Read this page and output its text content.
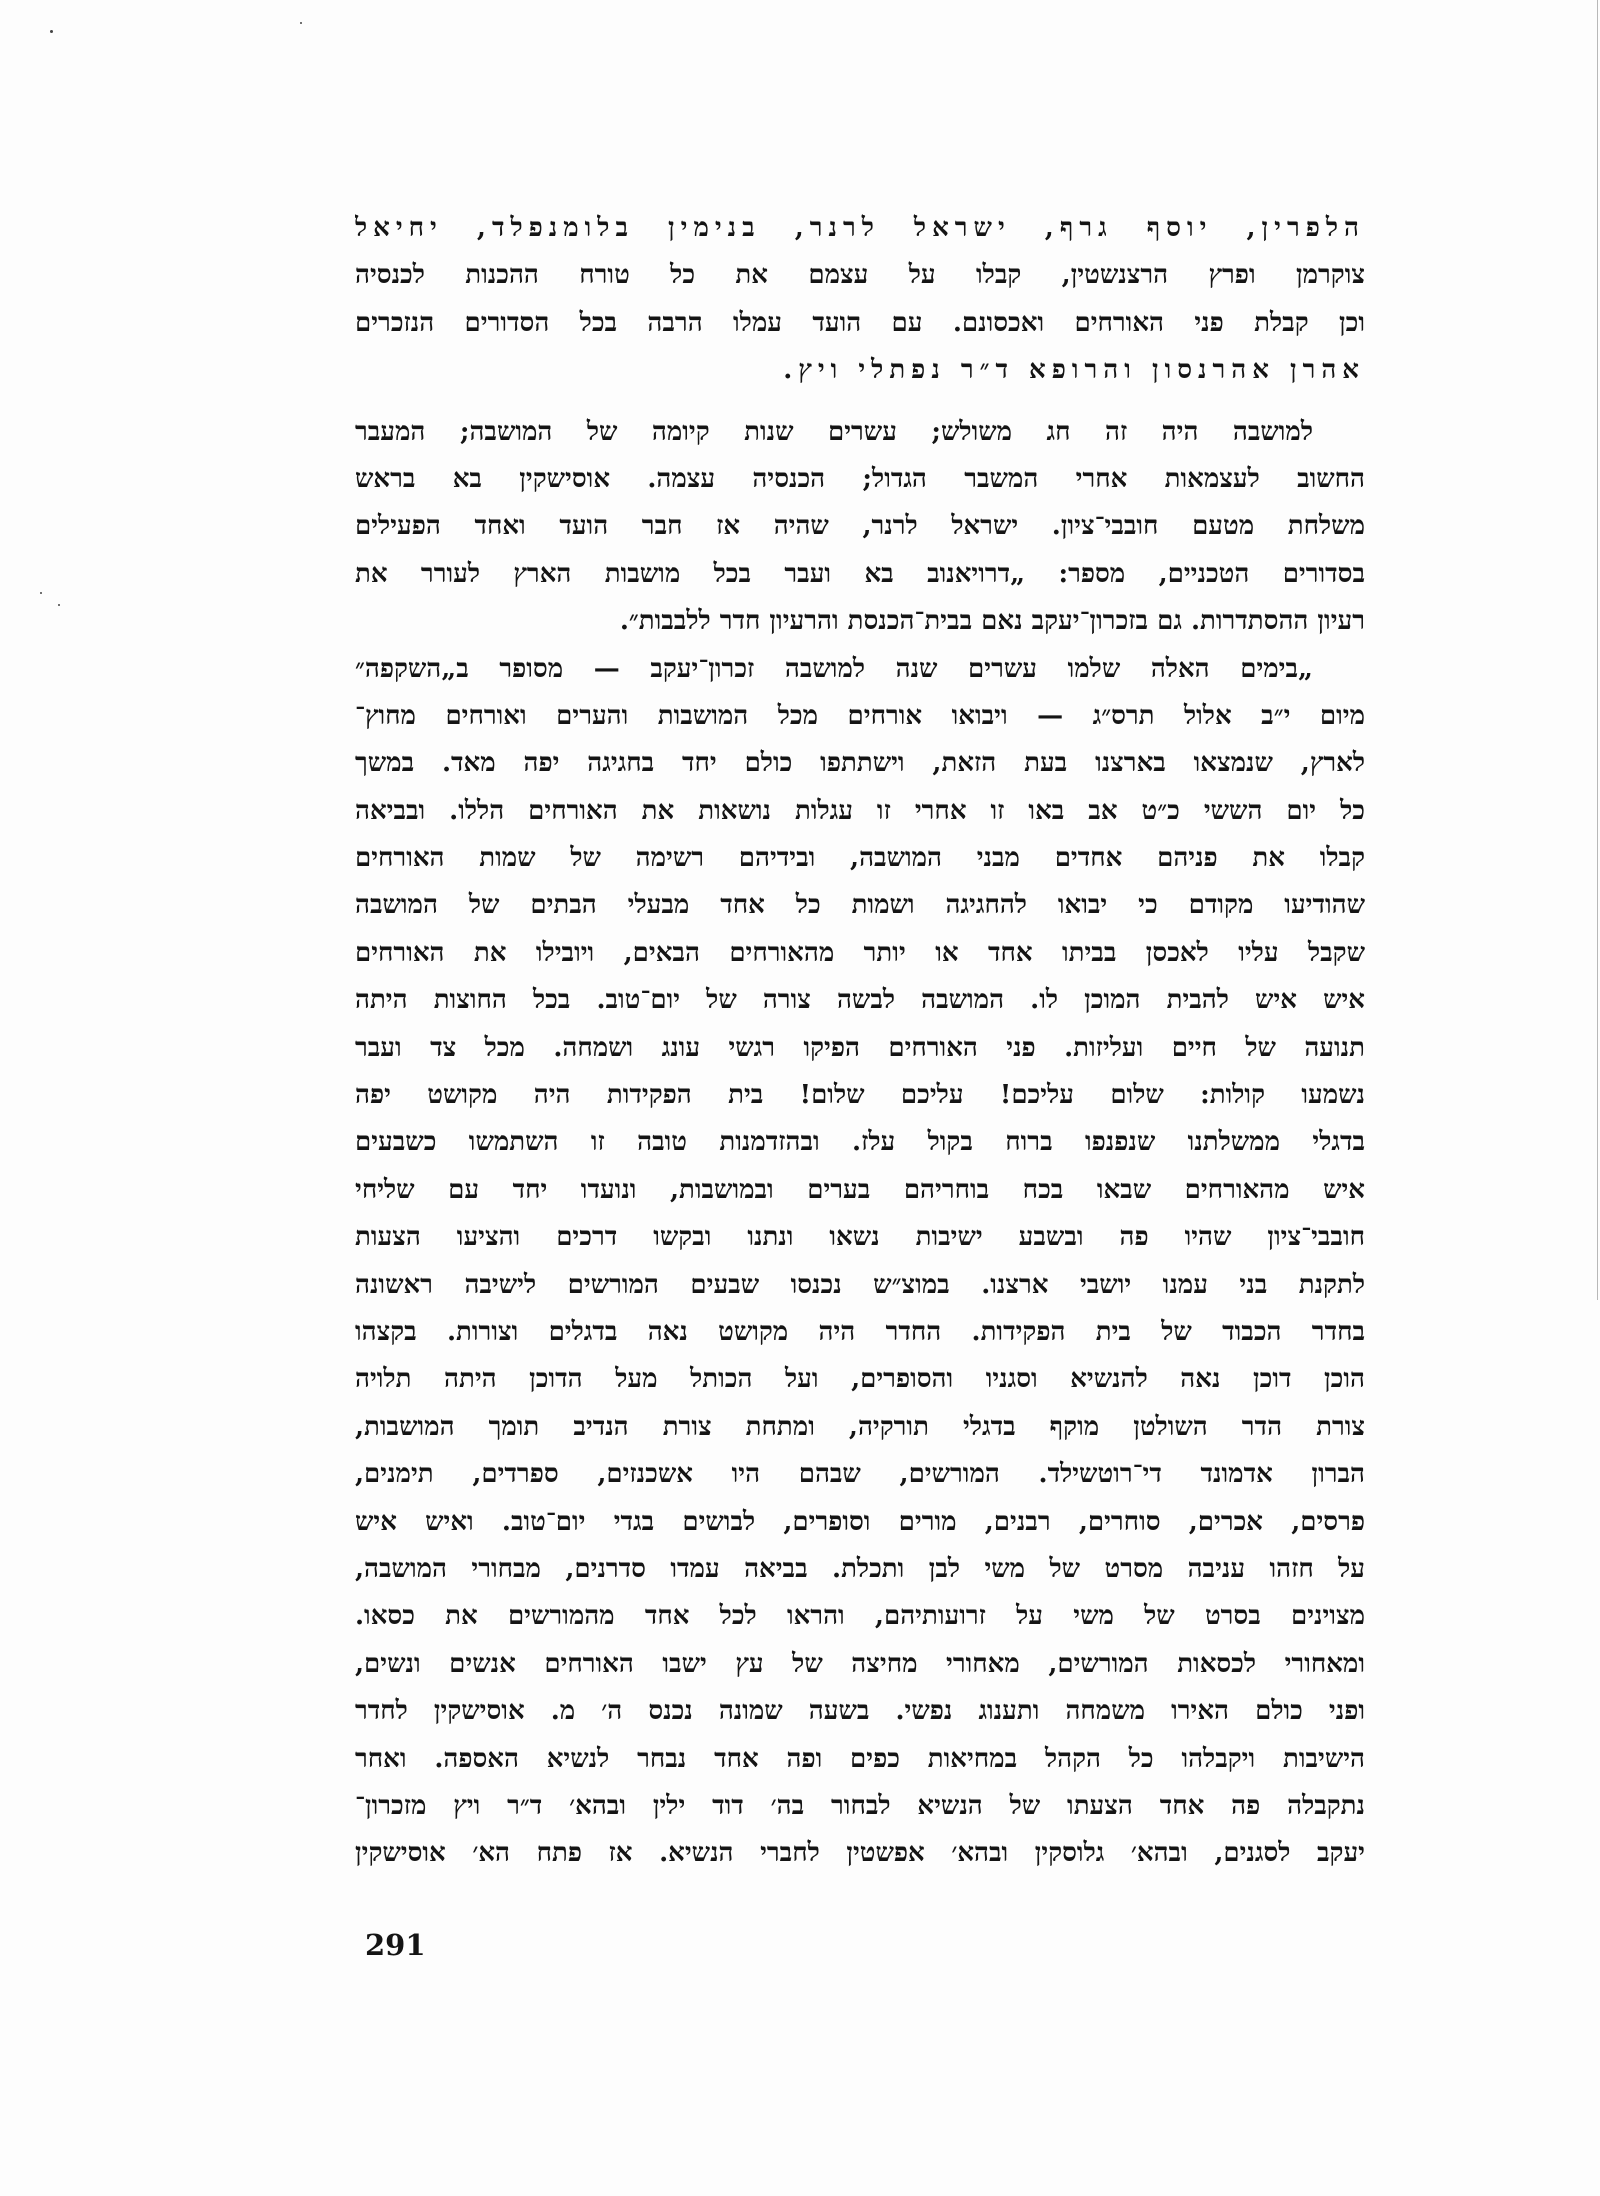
הלפרין, יוסף גרף, ישראל לרנר, בנימין בלומנפלד, יחיאל
צוקרמן ופרץ הרצנשטין, קבלו על עצמם את כל טורח ההכנות לכנסיה
וכן קבלת פני האורחים ואכסונם. עם הועד עמלו הרבה בכל הסדורים הנזכרים
אהרן אהרנסון והרופא ד״ר נפתלי ויץ.
למושבה היה זה חג משולש; עשרים שנות קיומה של המושבה; המעבר
החשוב לעצמאות אחרי המשבר הגדול; הכנסיה עצמה. אוסישקין בא בראש
משלחת מטעם חובבי־ציון. ישראל לרנר, שהיה אז חבר הועד ואחד הפעילים
בסדורים הטכניים, מספר: „דרויאנוב בא ועבר בכל מושבות הארץ לעורר את
רעיון ההסתדרות. גם בזכרון־יעקב נאם בבית־הכנסת והרעיון חדר ללבבות״.
„בימים האלה שלמו עשרים שנה למושבה זכרון־יעקב — מסופר ב„השקפה״
מיום י״ב אלול תרס״ג — ויבואו אורחים מכל המושבות והערים ואורחים מחוץ־
לארץ, שנמצאו בארצנו בעת הזאת, וישתתפו כולם יחד בחגיגה יפה מאד. במשך
כל יום הששי כ״ט אב באו זו אחרי זו עגלות נושאות את האורחים הללו. ובביאה
קבלו את פניהם אחדים מבני המושבה, ובידיהם רשימה של שמות האורחים
שהודיעו מקודם כי יבואו להחגיגה ושמות כל אחד מבעלי הבתים של המושבה
שקבל עליו לאכסן בביתו אחד או יותר מהאורחים הבאים, ויובילו את האורחים
איש איש להבית המוכן לו. המושבה לבשה צורה של יום־טוב. בכל החוצות היתה
תנועה של חיים ועליזות. פני האורחים הפיקו רגשי עונג ושמחה. מכל צד ועבר
נשמעו קולות: שלום עליכם! עליכם שלום! בית הפקידות היה מקושט יפה
בדגלי ממשלתנו שנפנפו ברוח בקול עלז. ובהזדמנות טובה זו השתמשו כשבעים
איש מהאורחים שבאו בכח בוחריהם בערים ובמושבות, ונועדו יחד עם שליחי
חובבי־ציון שהיו פה ובשבע ישיבות נשאו ונתנו ובקשו דרכים והציעו הצעות
לתקנת בני עמנו יושבי ארצנו. במוצ״ש נכנסו שבעים המורשים לישיבה ראשונה
בחדר הכבוד של בית הפקידות. החדר היה מקושט נאה בדגלים וצורות. בקצהו
הוכן דוכן נאה להנשיא וסגניו והסופרים, ועל הכותל מעל הדוכן היתה תלויה
צורת הדר השולטן מוקף בדגלי תורקיה, ומתחת צורת הנדיב תומך המושבות,
הברון אדמונד די־רוטשילד. המורשים, שבהם היו אשכנזים, ספרדים, תימנים,
פרסים, אכרים, סוחרים, רבנים, מורים וסופרים, לבושים בגדי יום־טוב. ואיש איש
על חזהו עניבה מסרט של משי לבן ותכלת. בביאה עמדו סדרנים, מבחורי המושבה,
מצוינים בסרט של משי על זרועותיהם, והראו לכל אחד מהמורשים את כסאו.
ומאחורי לכסאות המורשים, מאחורי מחיצה של עץ ישבו האורחים אנשים ונשים,
ופני כולם האירו משמחה ותענוג נפשי. בשעה שמונה נכנס ה׳ מ. אוסישקין לחדר
הישיבות ויקבלהו כל הקהל במחיאות כפים ופה אחד נבחר לנשיא האספה. ואחר
נתקבלה פה אחד הצעתו של הנשיא לבחור בה׳ דוד ילין ובהא׳ ד״ר ויץ מזכרון־
יעקב לסגנים, ובהא׳ גלוסקין ובהא׳ אפשטין לחברי הנשיא. אז פתח הא׳ אוסישקין
291
